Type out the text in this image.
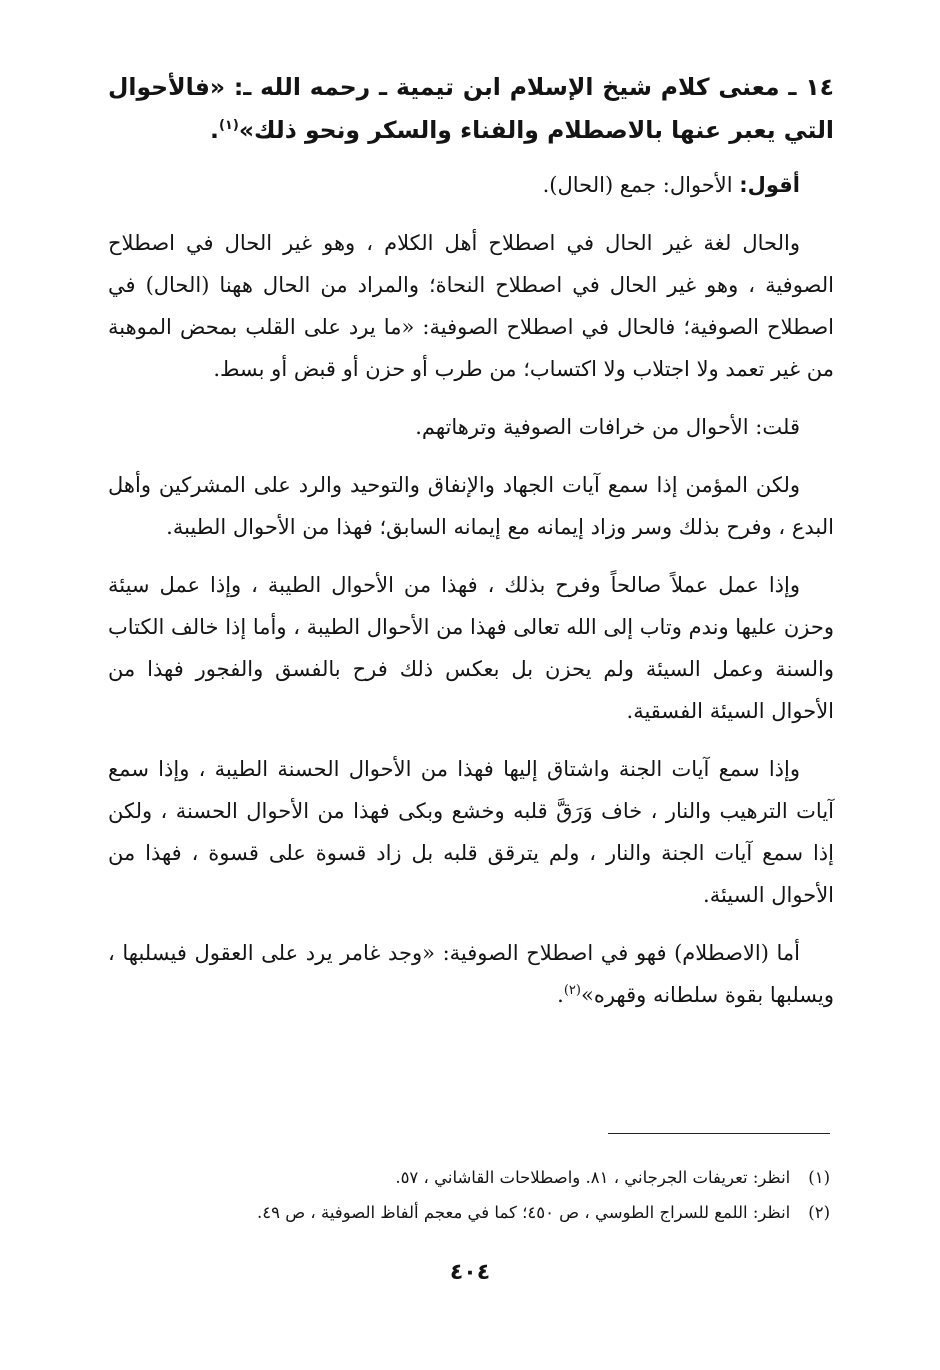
١٤ ـ معنى كلام شيخ الإسلام ابن تيمية ـ رحمه الله ـ: «فالأحوال التي يعبر عنها بالاصطلام والفناء والسكر ونحو ذلك»$^{(١)}$.

أقول: الأحوال: جمع (الحال).

والحال لغة غير الحال في اصطلاح أهل الكلام ، وهو غير الحال في اصطلاح الصوفية ، وهو غير الحال في اصطلاح النحاة؛ والمراد من الحال ههنا (الحال) في اصطلاح الصوفية؛ فالحال في اصطلاح الصوفية: «ما يرد على القلب بمحض الموهبة من غير تعمد ولا اجتلاب ولا اكتساب؛ من طرب أو حزن أو قبض أو بسط.

قلت: الأحوال من خرافات الصوفية وترهاتهم.

ولكن المؤمن إذا سمع آيات الجهاد والإنفاق والتوحيد والرد على المشركين وأهل البدع ، وفرح بذلك وسر وزاد إيمانه مع إيمانه السابق؛ فهذا من الأحوال الطيبة.

وإذا عمل عملاً صالحاً وفرح بذلك ، فهذا من الأحوال الطيبة ، وإذا عمل سيئة وحزن عليها وندم وتاب إلى الله تعالى فهذا من الأحوال الطيبة ، وأما إذا خالف الكتاب والسنة وعمل السيئة ولم يحزن بل بعكس ذلك فرح بالفسق والفجور فهذا من الأحوال السيئة الفسقية.

وإذا سمع آيات الجنة واشتاق إليها فهذا من الأحوال الحسنة الطيبة ، وإذا سمع آيات الترهيب والنار ، خاف وَرَقَّ قلبه وخشع وبكى فهذا من الأحوال الحسنة ، ولكن إذا سمع آيات الجنة والنار ، ولم يترقق قلبه بل زاد قسوة على قسوة ، فهذا من الأحوال السيئة.

أما (الاصطلام) فهو في اصطلاح الصوفية: «وجد غامر يرد على العقول فيسلبها ، ويسلبها بقوة سلطانه وقهره»$^{(٢)}$.

(١)
انظر: تعريفات الجرجاني ، ٨١. واصطلاحات القاشاني ، ٥٧.
(٢)
انظر: اللمع للسراج الطوسي ، ص ٤٥٠؛ كما في معجم ألفاظ الصوفية ، ص ٤٩.
٤٠٤
